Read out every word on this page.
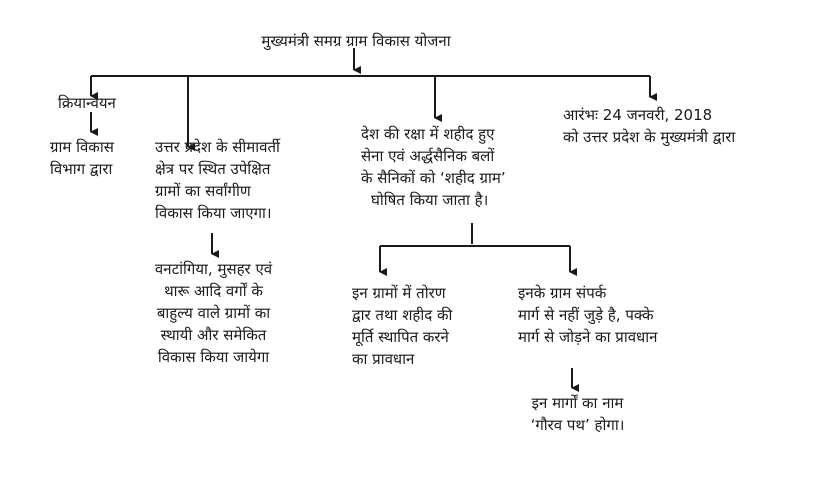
मुख्यमंत्री समग्र ग्राम विकास योजना
क्रियान्वयन
ग्राम विकास
विभाग द्वारा
उत्तर प्रदेश के सीमावर्ती
क्षेत्र पर स्थित उपेक्षित
ग्रामों का सर्वांगीण
विकास किया जाएगा।
वनटांगिया, मुसहर एवं
थारू आदि वर्गों के
बाहुल्य वाले ग्रामों का
स्थायी और समेकित
विकास किया जायेगा
देश की रक्षा में शहीद हुए
सेना एवं अर्द्धसैनिक बलों
के सैनिकों को ‘शहीद ग्राम’
घोषित किया जाता है।
इन ग्रामों में तोरण
द्वार तथा शहीद की
मूर्ति स्थापित करने
का प्रावधान
इनके ग्राम संपर्क
मार्ग से नहीं जुड़े है, पक्के
मार्ग से जोड़ने का प्रावधान
इन मार्गों का नाम
‘गौरव पथ’ होगा।
आरंभः 24 जनवरी, 2018
को उत्तर प्रदेश के मुख्यमंत्री द्वारा
